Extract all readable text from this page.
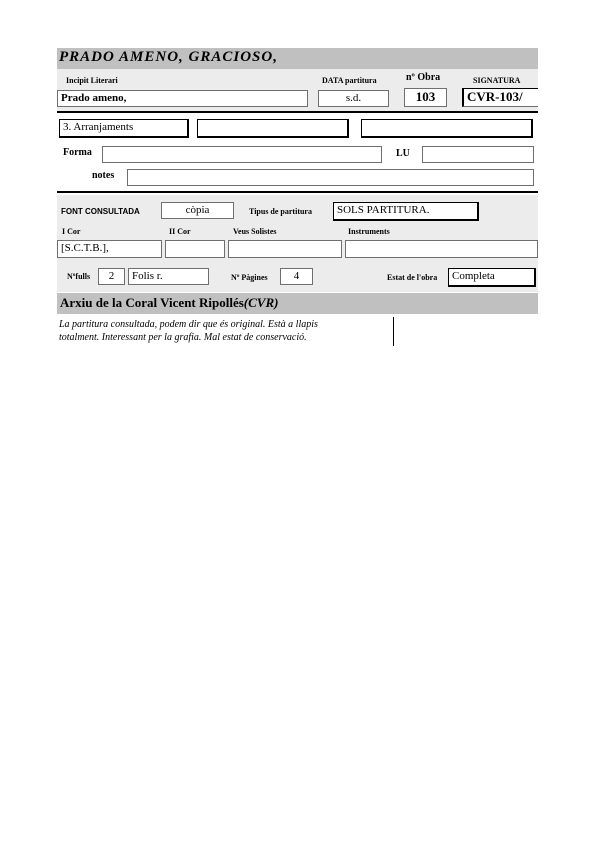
PRADO AMENO, GRACIOSO,
Incipit Literari	DATA partitura	nº Obra	SIGNATURA
Prado ameno,	s.d.	103	CVR-103/
3. Arranjaments
Forma	LU
notes
FONT CONSULTADA	còpia	Tipus de partitura	SOLS PARTITURA.
I Cor	II Cor	Veus Solistes	Instruments
[S.C.T.B.],
Nºfulls	2	Folis r.	Nº Pàgines	4	Estat de l'obra	Completa
Arxiu de la Coral Vicent Ripollés(CVR)
La partitura consultada, podem dir que és original. Està a llapis
totalment. Interessant per la grafia. Mal estat de conservació.
